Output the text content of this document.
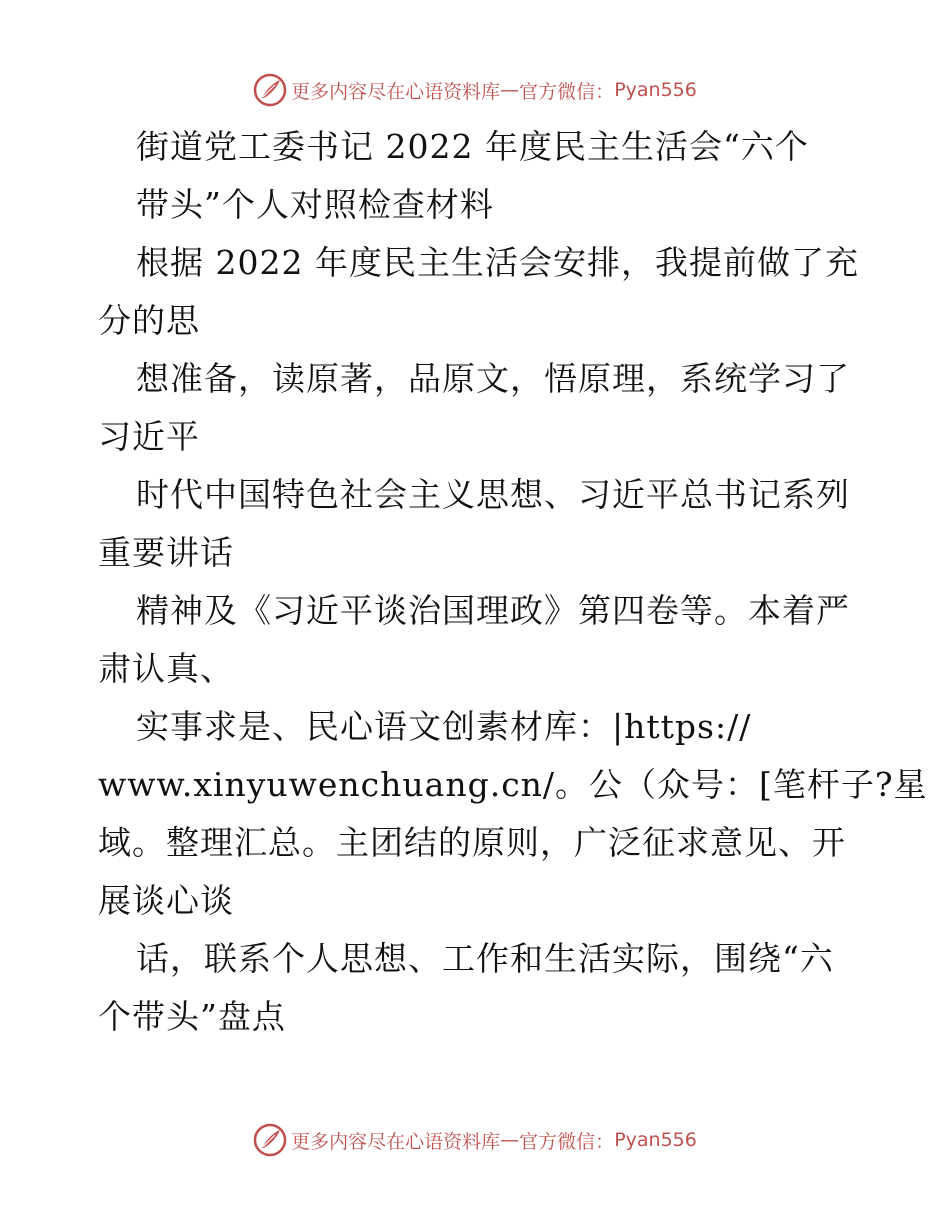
更多内容尽在心语资料库 — 官方微信： Pyan556
街道党工委书记 2022 年度民主生活会“六个
带头”个人对照检查材料
根据 2022 年度民主生活会安排，我提前做了充
分的思
想准备，读原著，品原文，悟原理，系统学习了
习近平
时代中国特色社会主义思想、习近平总书记系列
重要讲话
精神及《习近平谈治国理政》第四卷等。本着严
肃认真、
实事求是、民心语文创素材库：|https://
www.xinyuwenchuang.cn/。公（众号：[笔杆子?星
域。整理汇总。主团结的原则，广泛征求意见、开
展谈心谈
话，联系个人思想、工作和生活实际，围绕“六
个带头”盘点
更多内容尽在心语资料库 — 官方微信： Pyan556
